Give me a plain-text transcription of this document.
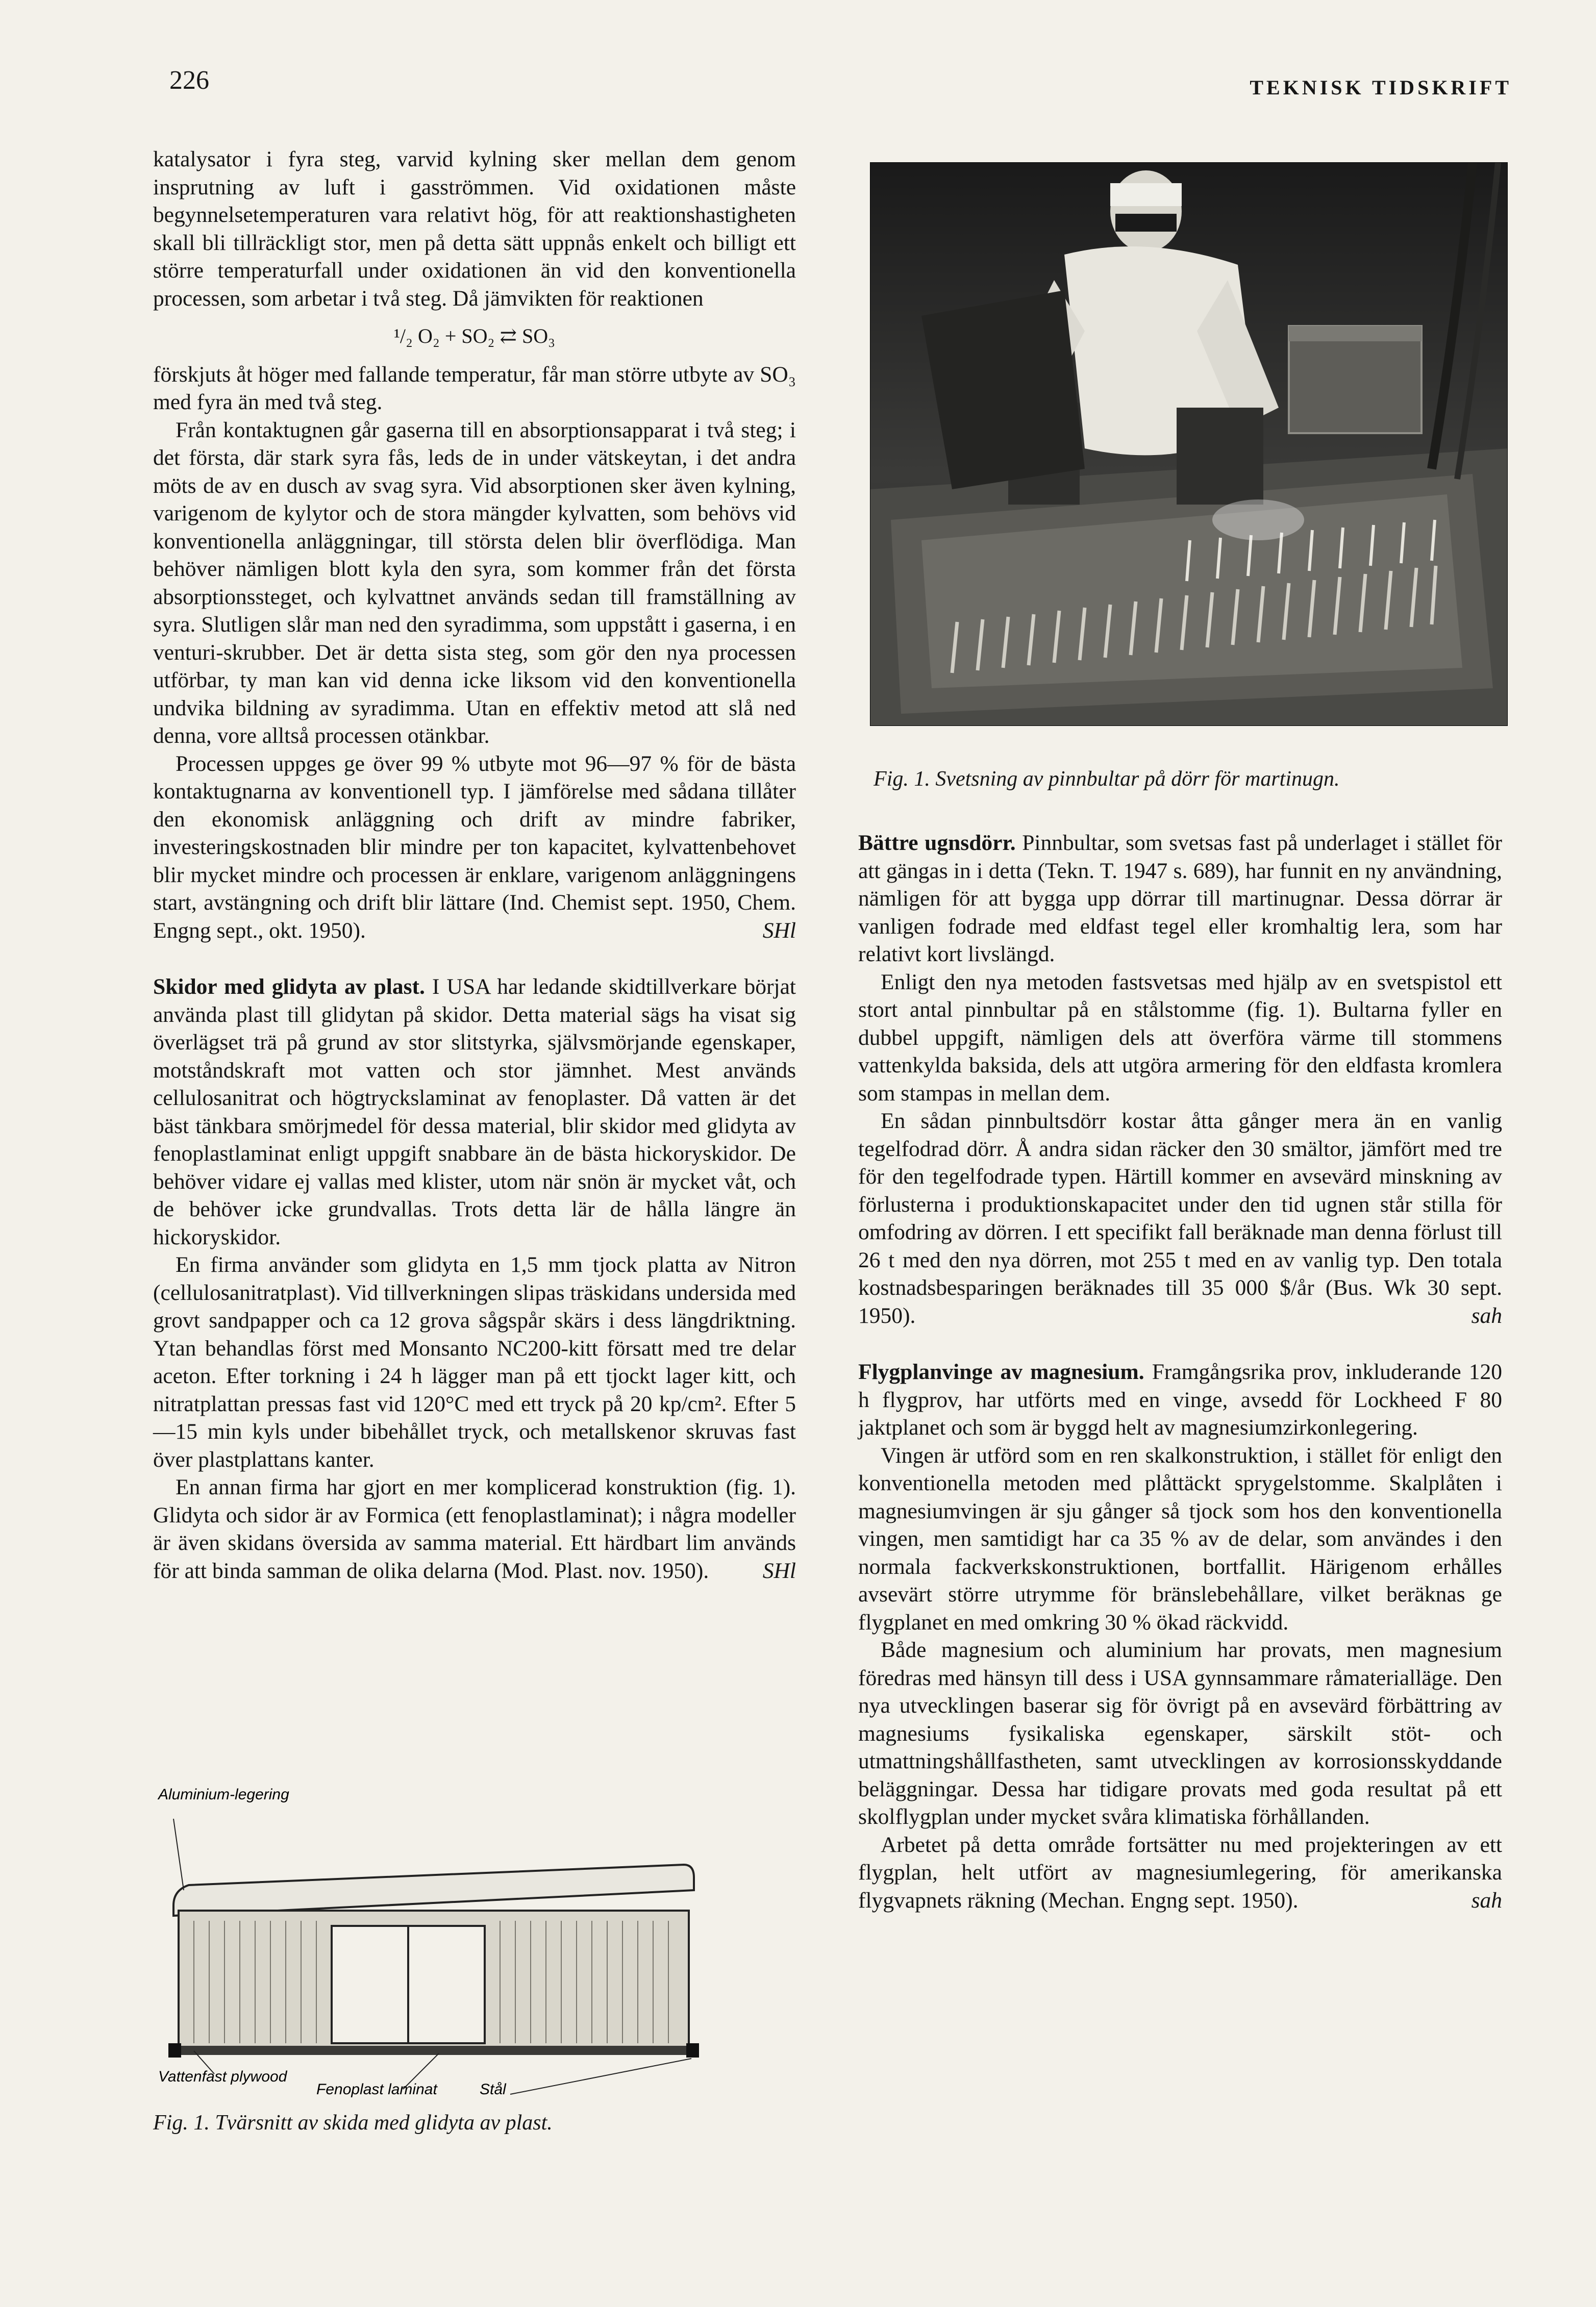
226	TEKNISK TIDSKRIFT

katalysator i fyra steg, varvid kylning sker mellan dem genom insprutning av luft i gasströmmen. Vid oxidationen måste begynnelsetemperaturen vara relativt hög, för att reaktionshastigheten skall bli tillräckligt stor, men på detta sätt uppnås enkelt och billigt ett större temperaturfall under oxidationen än vid den konventionella processen, som arbetar i två steg. Då jämvikten för reaktionen

¹/₂ O₂ + SO₂ ⇄ SO₃

förskjuts åt höger med fallande temperatur, får man större utbyte av SO₃ med fyra än med två steg.

Från kontaktugnen går gaserna till en absorptionsapparat i två steg; i det första, där stark syra fås, leds de in under vätskeytan, i det andra möts de av en dusch av svag syra. Vid absorptionen sker även kylning, varigenom de kylytor och de stora mängder kylvatten, som behövs vid konventionella anläggningar, till största delen blir överflödiga. Man behöver nämligen blott kyla den syra, som kommer från det första absorptionssteget, och kylvattnet används sedan till framställning av syra. Slutligen slår man ned den syradimma, som uppstått i gaserna, i en venturi-skrubber. Det är detta sista steg, som gör den nya processen utförbar, ty man kan vid denna icke liksom vid den konventionella undvika bildning av syradimma. Utan en effektiv metod att slå ned denna, vore alltså processen otänkbar.

Processen uppges ge över 99 % utbyte mot 96—97 % för de bästa kontaktugnarna av konventionell typ. I jämförelse med sådana tillåter den ekonomisk anläggning och drift av mindre fabriker, investeringskostnaden blir mindre per ton kapacitet, kylvattenbehovet blir mycket mindre och processen är enklare, varigenom anläggningens start, avstängning och drift blir lättare (Ind. Chemist sept. 1950, Chem. Engng sept., okt. 1950).	SHl

Skidor med glidyta av plast. I USA har ledande skidtillverkare börjat använda plast till glidytan på skidor. Detta material sägs ha visat sig överlägset trä på grund av stor slitstyrka, självsmörjande egenskaper, motståndskraft mot vatten och stor jämnhet. Mest används cellulosanitrat och högtryckslaminat av fenoplaster. Då vatten är det bäst tänkbara smörjmedel för dessa material, blir skidor med glidyta av fenoplastlaminat enligt uppgift snabbare än de bästa hickoryskidor. De behöver vidare ej vallas med klister, utom när snön är mycket våt, och de behöver icke grundvallas. Trots detta lär de hålla längre än hickoryskidor.

En firma använder som glidyta en 1,5 mm tjock platta av Nitron (cellulosanitratplast). Vid tillverkningen slipas träskidans undersida med grovt sandpapper och ca 12 grova sågspår skärs i dess längdriktning. Ytan behandlas först med Monsanto NC200-kitt försatt med tre delar aceton. Efter torkning i 24 h lägger man på ett tjockt lager kitt, och nitratplattan pressas fast vid 120°C med ett tryck på 20 kp/cm². Efter 5—15 min kyls under bibehållet tryck, och metallskenor skruvas fast över plastplattans kanter.

En annan firma har gjort en mer komplicerad konstruktion (fig. 1). Glidyta och sidor är av Formica (ett fenoplastlaminat); i några modeller är även skidans översida av samma material. Ett härdbart lim används för att binda samman de olika delarna (Mod. Plast. nov. 1950).	SHl

Fig. 1. Svetsning av pinnbultar på dörr för martinugn.

Bättre ugnsdörr. Pinnbultar, som svetsas fast på underlaget i stället för att gängas in i detta (Tekn. T. 1947 s. 689), har funnit en ny användning, nämligen för att bygga upp dörrar till martinugnar. Dessa dörrar är vanligen fodrade med eldfast tegel eller kromhaltig lera, som har relativt kort livslängd.

Enligt den nya metoden fastsvetsas med hjälp av en svetspistol ett stort antal pinnbultar på en stålstomme (fig. 1). Bultarna fyller en dubbel uppgift, nämligen dels att överföra värme till stommens vattenkylda baksida, dels att utgöra armering för den eldfasta kromlera som stampas in mellan dem.

En sådan pinnbultsdörr kostar åtta gånger mera än en vanlig tegelfodrad dörr. Å andra sidan räcker den 30 smältor, jämfört med tre för den tegelfodrade typen. Härtill kommer en avsevärd minskning av förlusterna i produktionskapacitet under den tid ugnen står stilla för omfodring av dörren. I ett specifikt fall beräknade man denna förlust till 26 t med den nya dörren, mot 255 t med en av vanlig typ. Den totala kostnadsbesparingen beräknades till 35 000 $/år (Bus. Wk 30 sept. 1950).	sah

Flygplanvinge av magnesium. Framgångsrika prov, inkluderande 120 h flygprov, har utförts med en vinge, avsedd för Lockheed F 80 jaktplanet och som är byggd helt av magnesiumzirkonlegering.

Vingen är utförd som en ren skalkonstruktion, i stället för enligt den konventionella metoden med plåttäckt sprygelstomme. Skalplåten i magnesiumvingen är sju gånger så tjock som hos den konventionella vingen, men samtidigt har ca 35 % av de delar, som användes i den normala fackverkskonstruktionen, bortfallit. Härigenom erhålles avsevärt större utrymme för bränslebehållare, vilket beräknas ge flygplanet en med omkring 30 % ökad räckvidd.

Både magnesium och aluminium har provats, men magnesium föredras med hänsyn till dess i USA gynnsammare råmaterialläge. Den nya utvecklingen baserar sig för övrigt på en avsevärd förbättring av magnesiums fysikaliska egenskaper, särskilt stöt- och utmattningshållfastheten, samt utvecklingen av korrosionsskyddande beläggningar. Dessa har tidigare provats med goda resultat på ett skolflygplan under mycket svåra klimatiska förhållanden.

Arbetet på detta område fortsätter nu med projekteringen av ett flygplan, helt utfört av magnesiumlegering, för amerikanska flygvapnets räkning (Mechan. Engng sept. 1950).	sah

Aluminium-legering
Vattenfast plywood
Fenoplast laminat	Stål
Fig. 1. Tvärsnitt av skida med glidyta av plast.
